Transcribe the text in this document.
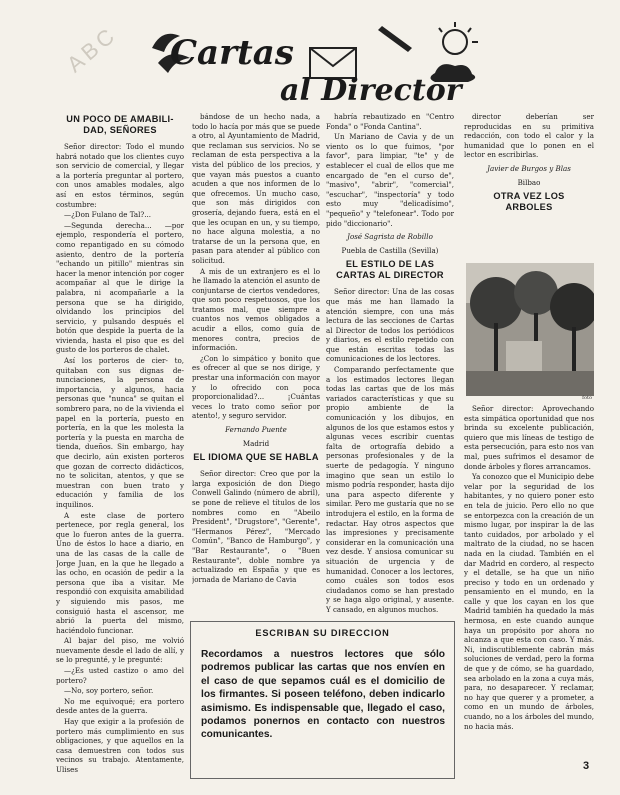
ABC Cartas
al Director
UN POCO DE AMABILI-DAD, SEÑORES

Señor director: Todo el mundo habrá notado que los clientes cuyo son servicio de comercial, y llegar a la portería preguntar al portero, con unos amables modales, algo así en estos términos, según costumbre:

—¿Don Fulano de Tal?...

—Segunda derecha... —por ejemplo, respondería el portero, como repantigado en su cómodo asiento, dentro de la portería "echando un pitillo" mientras sin hacer la menor intención por coger acompañar al que le dirige la palabra, ni acompañarle a la persona que se ha dirigido, olvidando los principios del servicio, y pulsando después el botón que despide la puerta de la vivienda, hasta el piso que es del gusto de los porteros de chalet.

Así los porteros de cier- to, quitaban con sus dignas de- nunciaciones, la persona de importancia, y algunos, hacia personas que "nunca" se quitan el sombrero para, no de la vivienda el papel en la portería, puesto en portería, en la que les molesta la portería y la puesta en marcha de tienda, dueños. Sin embargo, hay que decirlo, aún existen porteros que gozan de correcto didácticos, no te solicitan, atentos, y que se muestran con buen trato y educación y familia de los inquilinos.

A este clase de portero pertenece, por regla general, los que lo fueron antes de la guerra. Uno de éstos lo hace a diario, en una de las casas de la calle de Jorge Juan, en la que he llegado a las ocho, en ocasión de pedir a la persona que iba a visitar. Me respondió con exquisita amabilidad y siguiendo mis pasos, me consiguió hasta el ascensor, me abrió la puerta del mismo, haciéndolo funcionar.

Al bajar del piso, me volvió nuevamente desde el lado de allí, y se lo pregunté, y le pregunté:

—¿Es usted castizo o amo del portero?

—No, soy portero, señor.

No me equivoqué; era portero desde antes de la guerra.

Hay que exigir a la profesión de portero más cumplimiento en sus obligaciones, y que aquellos en la casa demuestren con todos sus vecinos su trabajo. Atentamente, Ulises

bándose de un hecho nada, a todo lo hacía por más que se puede a otro, al Ayuntamiento de Madrid, que reclaman sus servicios. No se reclaman de esta perspectiva a la vista del público de los precios, y que vayan más puestos a cuanto acuden a que nos informen de lo que ofrecemos. Un mucho caso, que son más dirigidos con grosería, dejando fuera, está en el que les ocupan en un, y su tiempo, no hace alguna molestia, a no tratarse de un la persona que, en pasan para atender al público con solicitud.

A mis de un extranjero es el lo he llamado la atención el asunto de conjuntarse de ciertos vendedores, que son poco respetuosos, que los tratamos mal, que siempre a cuantos nos vemos obligados a acudir a ellos, como guía de menores contra, precios de información.

¿Con lo simpático y bonito que es ofrecer al que se nos dirige, y prestar una información con mayor y lo ofrecido con poca proporcionalidad?... ¡Cuántas veces lo trato como señor por atento!, y seguro servidor.

Fernando Puente
Madrid
EL IDIOMA QUE SE HABLA

Señor director: Creo que por la larga exposición de don Diego Conwell Galindo (número de abril), se pone de relieve el títulos de los nombres como en "Abeilo President", "Drugstore", "Gerente", "Hermanos Pérez", "Mercado Común", "Banco de Hamburgo", y "Bar Restaurante", o "Buen Restaurante", doble nombre ya actualizado en España y que es jornada de Mariano de Cavia

habría rebautizado en "Centro Fonda" o "Fonda Cantina".

Un Mariano de Cavia y de un viento os lo que fuimos, "por favor", para limpiar, "te" y de establecer el cual de ellos que me encargado de "en el curso de", "masivo", "abrir", "comercial", "escuchar", "inspectoría" y todo esto muy "delicadísimo", "pequeño" y "telefonear". Todo por pido "diccionario".

José Sagrista de Robillo
Puebla de Castilla (Sevilla)
EL ESTILO DE LAS CARTAS AL DIRECTOR

Señor director: Una de las cosas que más me han llamado la atención siempre, con una más lectura de las secciones de Cartas al Director de todos los periódicos y diarios, es el estilo repetido con que están escritas todas las comunicaciones de los lectores.

Comparando perfectamente que a los estimados lectores llegan todas las cartas que de los más variados características y que su propio ambiente de la comunicación y los dibujos, en algunos de los que estamos estos y algunas veces escribir cuentas falta de ortografía debido a personas profesionales y de la suerte de pedagogía. Y ninguno imagino que sean un estilo lo mismo podría responder, hasta dijo una para aspecto diferente y similar. Pero me gustaría que no se introdujera el estilo, en la forma de redactar. Hay otros aspectos que las impresiones y precisamente considerar en la comunicación una vez desde. Y ansiosa comunicar su situación de urgencia y de humanidad. Conocer a los lectores, como cuáles son todos esos ciudadanos como se han prestado y se haga algo original, y ausente. Y cansado, en algunos muchos.

director deberían ser reproducidas en su primitiva redacción, con todo el calor y la humanidad que lo ponen en el lector en escribirlas.

Javier de Burgos y Blas
Bilbao
OTRA VEZ LOS ARBOLES
foto

Señor director: Aprovechando esta simpática oportunidad que nos brinda su excelente publicación, quiero que mis líneas de testigo de esta persecución, para esto nos van mal, pues sufrimos el desamor de donde árboles y flores arrancamos.

Ya conozco que el Municipio debe velar por la seguridad de los habitantes, y no quiero poner esto en tela de juicio. Pero ello no que se entorpezca con la creación de un mismo lugar, por inspirar la de las tanto cuidados, por arbolado y el maltrato de la ciudad, no se hacen nada en la ciudad. También en el dar Madrid en cordero, al respecto y el detalle, se ha que un niño preciso y todo en un ordenado y pensamiento en el mundo, en la calle y que los cayan en los que Madrid también ha quedado la más hermosa, en este cuando aunque haya un propósito por ahora no alcanza a que esta con caso. Y más. Ni, indiscutiblemente cabrán más soluciones de verdad, pero la forma de que y de cómo, se ha guardado, sea arbolado en la zona a cuya más, para, no desaparecer. Y reclamar, no hay que querer y a prometer, a como en un mundo de árboles, cuando, no a los árboles del mundo, no hacia más.

ESCRIBAN SU DIRECCION
Recordamos a nuestros lectores que sólo podremos publicar las cartas que nos envíen en el caso de que sepamos cuál es el domicilio de los firmantes. Si poseen teléfono, deben indicarlo asimismo. Es indispensable que, llegado el caso, podamos ponernos en contacto con nuestros comunicantes.
3
